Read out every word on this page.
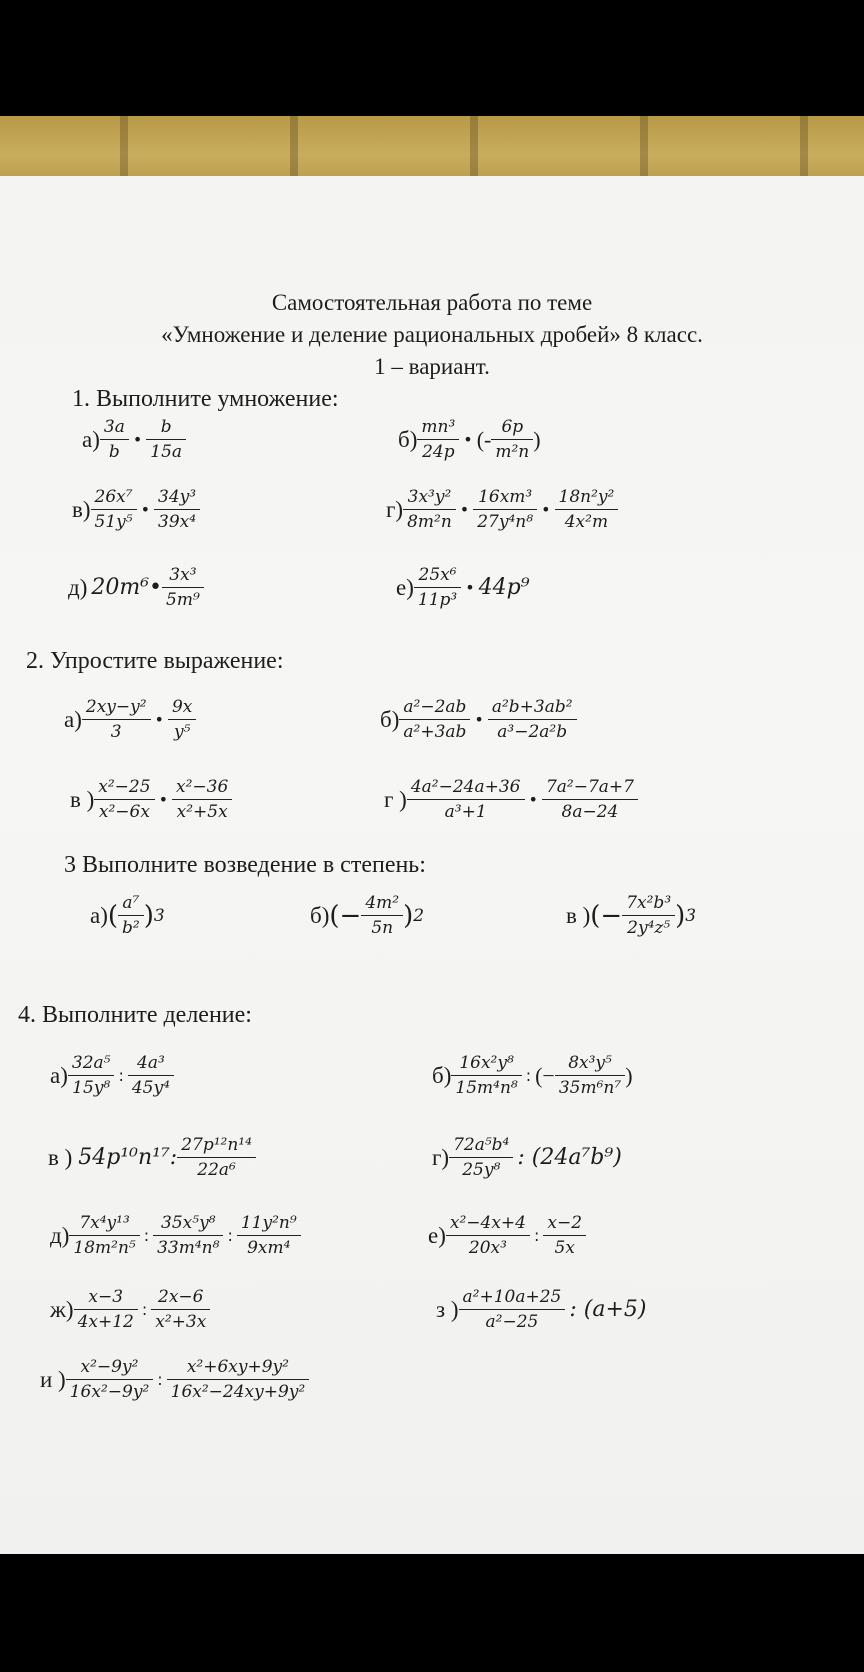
Самостоятельная работа по теме
«Умножение и деление рациональных дробей» 8 класс.
1 – вариант.
1. Выполните умножение:
$а) \frac{3a}{b}$ • $\frac{b}{15a}$	$б) \frac{\text{mn³}}{24p}$ • (- $\frac{6p}{\text{m²n}}$ )
$в) \frac{\text{26x⁷}}{\text{51y⁵}}$ • $\frac{\text{34y³}}{\text{39x⁴}}$	$г) \frac{\text{3x³y²}}{\text{8m²n}}$ • $\frac{\text{16xm³}}{\text{27y⁴n⁸}}$ • $\frac{\text{18n²y²}}{\text{4x²m}}$
д) 20m⁶• $\frac{\text{3x³}}{\text{5m⁹}}$	$е) \frac{\text{25x⁶}}{\text{11p³}}$ • 44p⁹
2. Упростите выражение:
$а) \frac{\text{2xy−y²}}{3}$ • $\frac{9x}{\text{y⁵}}$	$б) \frac{\text{a²−2ab}}{\text{a²+3ab}}$ • $\frac{\text{a²b+3ab²}}{\text{a³−2a²b}}$
в ) $\frac{\text{x²−25}}{\text{x²−6x}}$ • $\frac{\text{x²−36}}{\text{x²+5x}}$	г ) $\frac{\text{4a²−24a+36}}{\text{a³+1}}$ • $\frac{\text{7a²−7a+7}}{8a-24}$
3 Выполните возведение в степень:
а) ( $\frac{\text{a⁷}}{\text{b²}}$ ) 3	б) (− $\frac{\text{4m²}}{5n}$ ) 2	в ) (− $\frac{\text{7x²b³}}{\text{2y⁴z⁵}}$ ) 3
4. Выполните деление:
$а) \frac{\text{32a⁵}}{\text{15y⁸}}$ : $\frac{\text{4a³}}{\text{45y⁴}}$	$б) \frac{\text{16x²y⁸}}{\text{15m⁴n⁸}}$ : (− $\frac{\text{8x³y⁵}}{\text{35m⁶n⁷}}$ )
в ) 54p¹⁰n¹⁷: $\frac{\text{27p¹²n¹⁴}}{\text{22a⁶}}$	$г) \frac{\text{72a⁵b⁴}}{\text{25y⁸}}$ : (24a⁷b⁹)
$д) \frac{\text{7x⁴y¹³}}{\text{18m²n⁵}}$ : $\frac{\text{35x⁵y⁸}}{\text{33m⁴n⁸}}$ : $\frac{\text{11y²n⁹}}{\text{9xm⁴}}$	$е) \frac{\text{x²−4x+4}}{\text{20x³}}$ : $\frac{x-2}{5x}$
$ж) \frac{x-3}{4x+12}$ : $\frac{2x-6}{\text{x²+3x}}$	з ) $\frac{\text{a²+10a+25}}{\text{a²−25}}$ : (a+5)
и ) $\frac{\text{x²−9y²}}{\text{16x²−9y²}}$ : $\frac{\text{x²+6xy+9y²}}{\text{16x²−24xy+9y²}}$
